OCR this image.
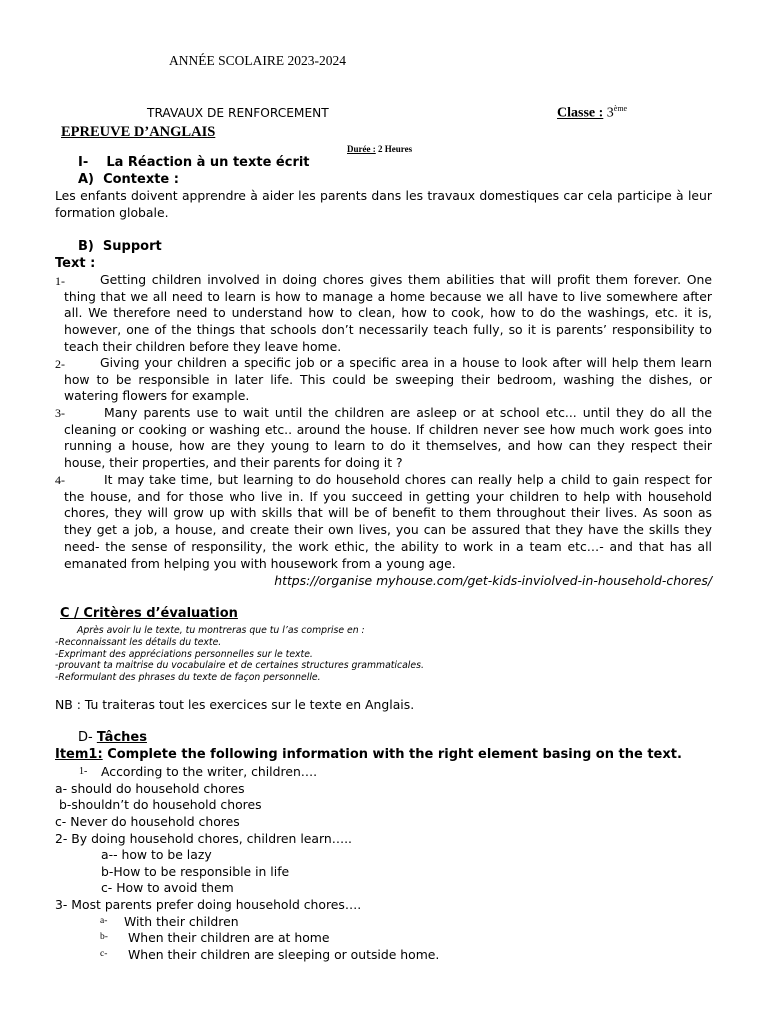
ANNÉE SCOLAIRE 2023-2024
TRAVAUX DE RENFORCEMENT	Classe : 3ème
EPREUVE D’ANGLAIS
Durée : 2 Heures
I- La Réaction à un texte écrit
A) Contexte :
Les enfants doivent apprendre à aider les parents dans les travaux domestiques car cela participe à leur formation globale.
B) Support
Text :
1-	Getting children involved in doing chores gives them abilities that will profit them forever. One thing that we all need to learn is how to manage a home because we all have to live somewhere after all. We therefore need to understand how to clean, how to cook, how to do the washings, etc. it is, however, one of the things that schools don’t necessarily teach fully, so it is parents’ responsibility to teach their children before they leave home.
2-	Giving your children a specific job or a specific area in a house to look after will help them learn how to be responsible in later life. This could be sweeping their bedroom, washing the dishes, or watering flowers for example.
3-	Many parents use to wait until the children are asleep or at school etc... until they do all the cleaning or cooking or washing etc.. around the house. If children never see how much work goes into running a house, how are they young to learn to do it themselves, and how can they respect their house, their properties, and their parents for doing it ?
4-	It may take time, but learning to do household chores can really help a child to gain respect for the house, and for those who live in. If you succeed in getting your children to help with household chores, they will grow up with skills that will be of benefit to them throughout their lives. As soon as they get a job, a house, and create their own lives, you can be assured that they have the skills they need- the sense of responsility, the work ethic, the ability to work in a team etc…- and that has all emanated from helping you with housework from a young age.
https://organise myhouse.com/get-kids-inviolved-in-household-chores/
C / Critères d’évaluation
Après avoir lu le texte, tu montreras que tu l’as comprise en :
-Reconnaissant les détails du texte.
-Exprimant des appréciations personnelles sur le texte.
-prouvant ta maitrise du vocabulaire et de certaines structures grammaticales.
-Reformulant des phrases du texte de façon personnelle.
NB : Tu traiteras tout les exercices sur le texte en Anglais.
D- Tâches
Item1: Complete the following information with the right element basing on the text.
1- According to the writer, children….
a- should do household chores
b-shouldn’t do household chores
c- Never do household chores
2- By doing household chores, children learn…..
a-- how to be lazy
b-How to be responsible in life
c- How to avoid them
3- Most parents prefer doing household chores….
a- With their children
b- When their children are at home
c- When their children are sleeping or outside home.
